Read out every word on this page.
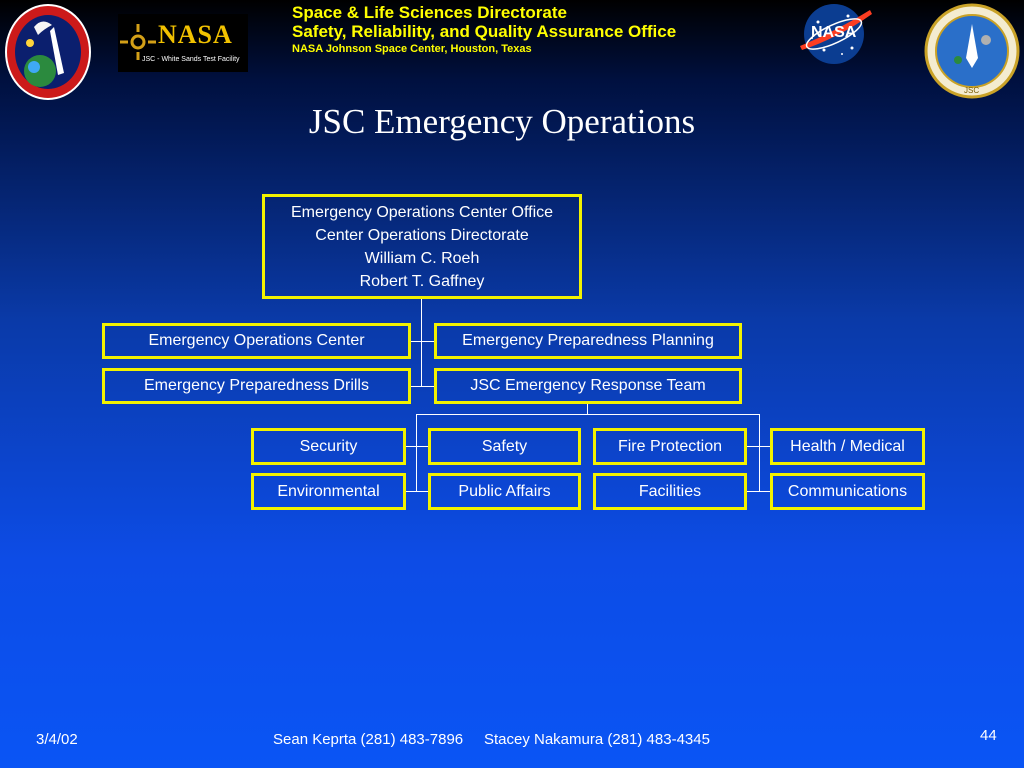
NASA
JSC - White Sands Test Facility
Space & Life Sciences Directorate
Safety, Reliability, and Quality Assurance Office
NASA Johnson Space Center, Houston, Texas
NASA
JSC
JSC Emergency Operations
Emergency Operations Center Office
Center Operations Directorate
William C. Roeh
Robert T. Gaffney
Emergency Operations Center	Emergency Preparedness Planning
Emergency Preparedness Drills	JSC Emergency Response Team
Security	Safety	Fire Protection	Health / Medical
Environmental	Public Affairs	Facilities	Communications
3/4/02	Sean Keprta (281) 483-7896     Stacey Nakamura (281) 483-4345	44
